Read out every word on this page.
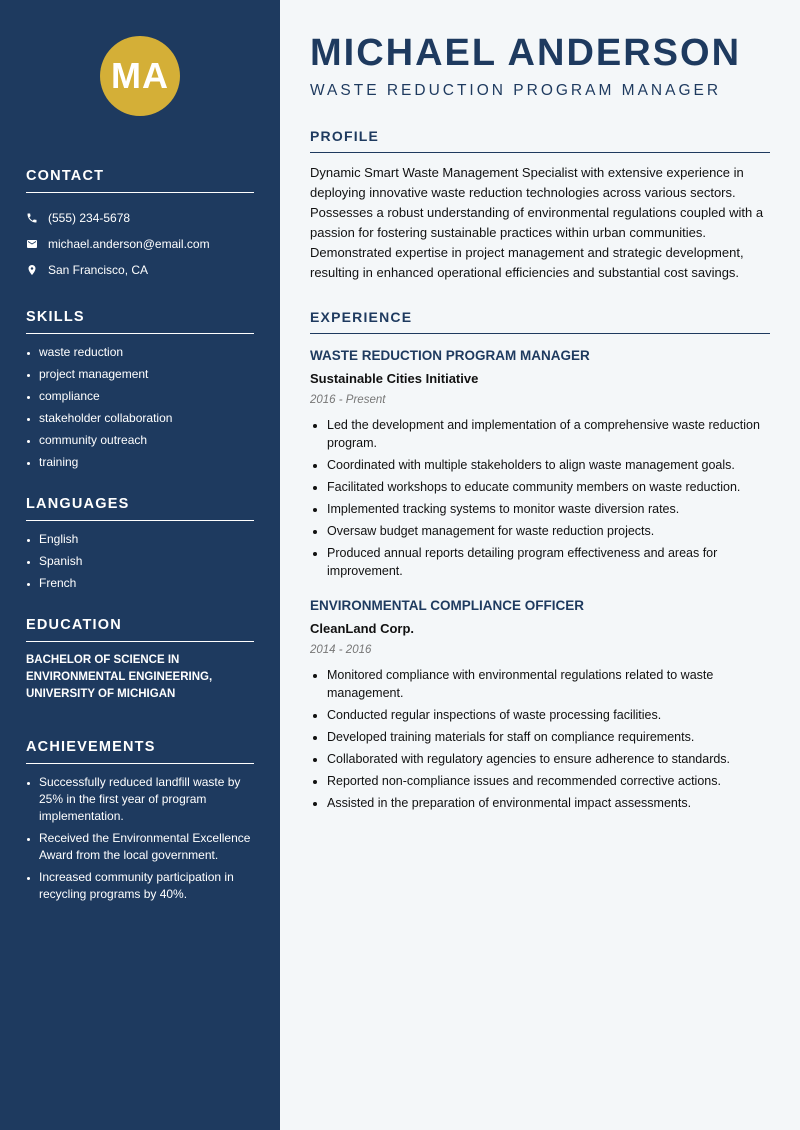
MA
CONTACT
(555) 234-5678
michael.anderson@email.com
San Francisco, CA
SKILLS
• waste reduction
• project management
• compliance
• stakeholder collaboration
• community outreach
• training
LANGUAGES
• English
• Spanish
• French
EDUCATION
BACHELOR OF SCIENCE IN ENVIRONMENTAL ENGINEERING, UNIVERSITY OF MICHIGAN
ACHIEVEMENTS
• Successfully reduced landfill waste by 25% in the first year of program implementation.
• Received the Environmental Excellence Award from the local government.
• Increased community participation in recycling programs by 40%.
MICHAEL ANDERSON
WASTE REDUCTION PROGRAM MANAGER
PROFILE

Dynamic Smart Waste Management Specialist with extensive experience in deploying innovative waste reduction technologies across various sectors. Possesses a robust understanding of environmental regulations coupled with a passion for fostering sustainable practices within urban communities. Demonstrated expertise in project management and strategic development, resulting in enhanced operational efficiencies and substantial cost savings.

EXPERIENCE
WASTE REDUCTION PROGRAM MANAGER
Sustainable Cities Initiative
2016 - Present
• Led the development and implementation of a comprehensive waste reduction program.
• Coordinated with multiple stakeholders to align waste management goals.
• Facilitated workshops to educate community members on waste reduction.
• Implemented tracking systems to monitor waste diversion rates.
• Oversaw budget management for waste reduction projects.
• Produced annual reports detailing program effectiveness and areas for improvement.
ENVIRONMENTAL COMPLIANCE OFFICER
CleanLand Corp.
2014 - 2016
• Monitored compliance with environmental regulations related to waste management.
• Conducted regular inspections of waste processing facilities.
• Developed training materials for staff on compliance requirements.
• Collaborated with regulatory agencies to ensure adherence to standards.
• Reported non-compliance issues and recommended corrective actions.
• Assisted in the preparation of environmental impact assessments.
